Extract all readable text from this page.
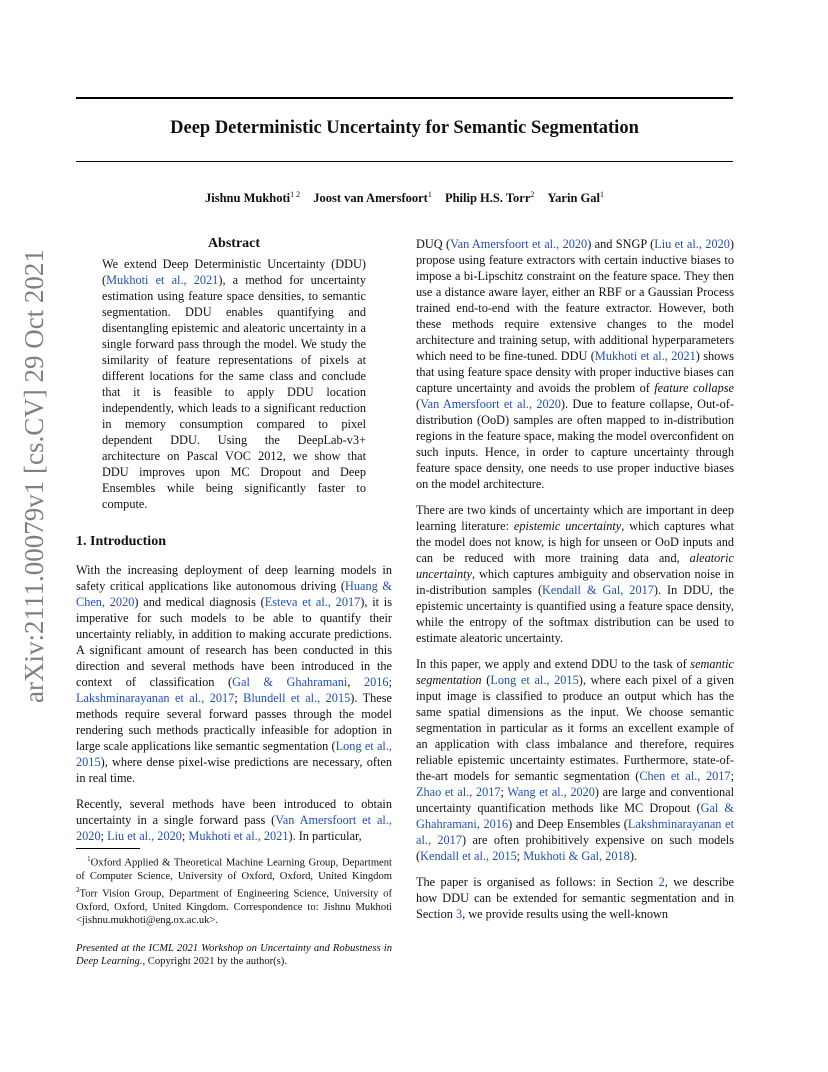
Deep Deterministic Uncertainty for Semantic Segmentation
Jishnu Mukhoti$^{1 2}$ Joost van Amersfoort$^1$ Philip H.S. Torr$^2$ Yarin Gal$^1$
arXiv:2111.00079v1 [cs.CV] 29 Oct 2021
Abstract

We extend Deep Deterministic Uncertainty (DDU) (Mukhoti et al., 2021), a method for uncertainty estimation using feature space densities, to semantic segmentation. DDU enables quantifying and disentangling epistemic and aleatoric uncertainty in a single forward pass through the model. We study the similarity of feature representations of pixels at different locations for the same class and conclude that it is feasible to apply DDU location independently, which leads to a significant reduction in memory consumption compared to pixel dependent DDU. Using the DeepLab-v3+ architecture on Pascal VOC 2012, we show that DDU improves upon MC Dropout and Deep Ensembles while being significantly faster to compute.

1. Introduction

With the increasing deployment of deep learning models in safety critical applications like autonomous driving (Huang & Chen, 2020) and medical diagnosis (Esteva et al., 2017), it is imperative for such models to be able to quantify their uncertainty reliably, in addition to making accurate predictions. A significant amount of research has been conducted in this direction and several methods have been introduced in the context of classification (Gal & Ghahramani, 2016; Lakshminarayanan et al., 2017; Blundell et al., 2015). These methods require several forward passes through the model rendering such methods practically infeasible for adoption in large scale applications like semantic segmentation (Long et al., 2015), where dense pixel-wise predictions are necessary, often in real time.

Recently, several methods have been introduced to obtain uncertainty in a single forward pass (Van Amersfoort et al., 2020; Liu et al., 2020; Mukhoti et al., 2021). In particular,

$^1$Oxford Applied & Theoretical Machine Learning Group, Department of Computer Science, University of Oxford, Oxford, United Kingdom $^2$Torr Vision Group, Department of Engineering Science, University of Oxford, Oxford, United Kingdom. Correspondence to: Jishnu Mukhoti <jishnu.mukhoti@eng.ox.ac.uk>.
Presented at the ICML 2021 Workshop on Uncertainty and Robustness in Deep Learning., Copyright 2021 by the author(s).

DUQ (Van Amersfoort et al., 2020) and SNGP (Liu et al., 2020) propose using feature extractors with certain inductive biases to impose a bi-Lipschitz constraint on the feature space. They then use a distance aware layer, either an RBF or a Gaussian Process trained end-to-end with the feature extractor. However, both these methods require extensive changes to the model architecture and training setup, with additional hyperparameters which need to be fine-tuned. DDU (Mukhoti et al., 2021) shows that using feature space density with proper inductive biases can capture uncertainty and avoids the problem of feature collapse (Van Amersfoort et al., 2020). Due to feature collapse, Out-of-distribution (OoD) samples are often mapped to in-distribution regions in the feature space, making the model overconfident on such inputs. Hence, in order to capture uncertainty through feature space density, one needs to use proper inductive biases on the model architecture.

There are two kinds of uncertainty which are important in deep learning literature: epistemic uncertainty, which captures what the model does not know, is high for unseen or OoD inputs and can be reduced with more training data and, aleatoric uncertainty, which captures ambiguity and observation noise in in-distribution samples (Kendall & Gal, 2017). In DDU, the epistemic uncertainty is quantified using a feature space density, while the entropy of the softmax distribution can be used to estimate aleatoric uncertainty.

In this paper, we apply and extend DDU to the task of semantic segmentation (Long et al., 2015), where each pixel of a given input image is classified to produce an output which has the same spatial dimensions as the input. We choose semantic segmentation in particular as it forms an excellent example of an application with class imbalance and therefore, requires reliable epistemic uncertainty estimates. Furthermore, state-of-the-art models for semantic segmentation (Chen et al., 2017; Zhao et al., 2017; Wang et al., 2020) are large and conventional uncertainty quantification methods like MC Dropout (Gal & Ghahramani, 2016) and Deep Ensembles (Lakshminarayanan et al., 2017) are often prohibitively expensive on such models (Kendall et al., 2015; Mukhoti & Gal, 2018).

The paper is organised as follows: in Section 2, we describe how DDU can be extended for semantic segmentation and in Section 3, we provide results using the well-known
